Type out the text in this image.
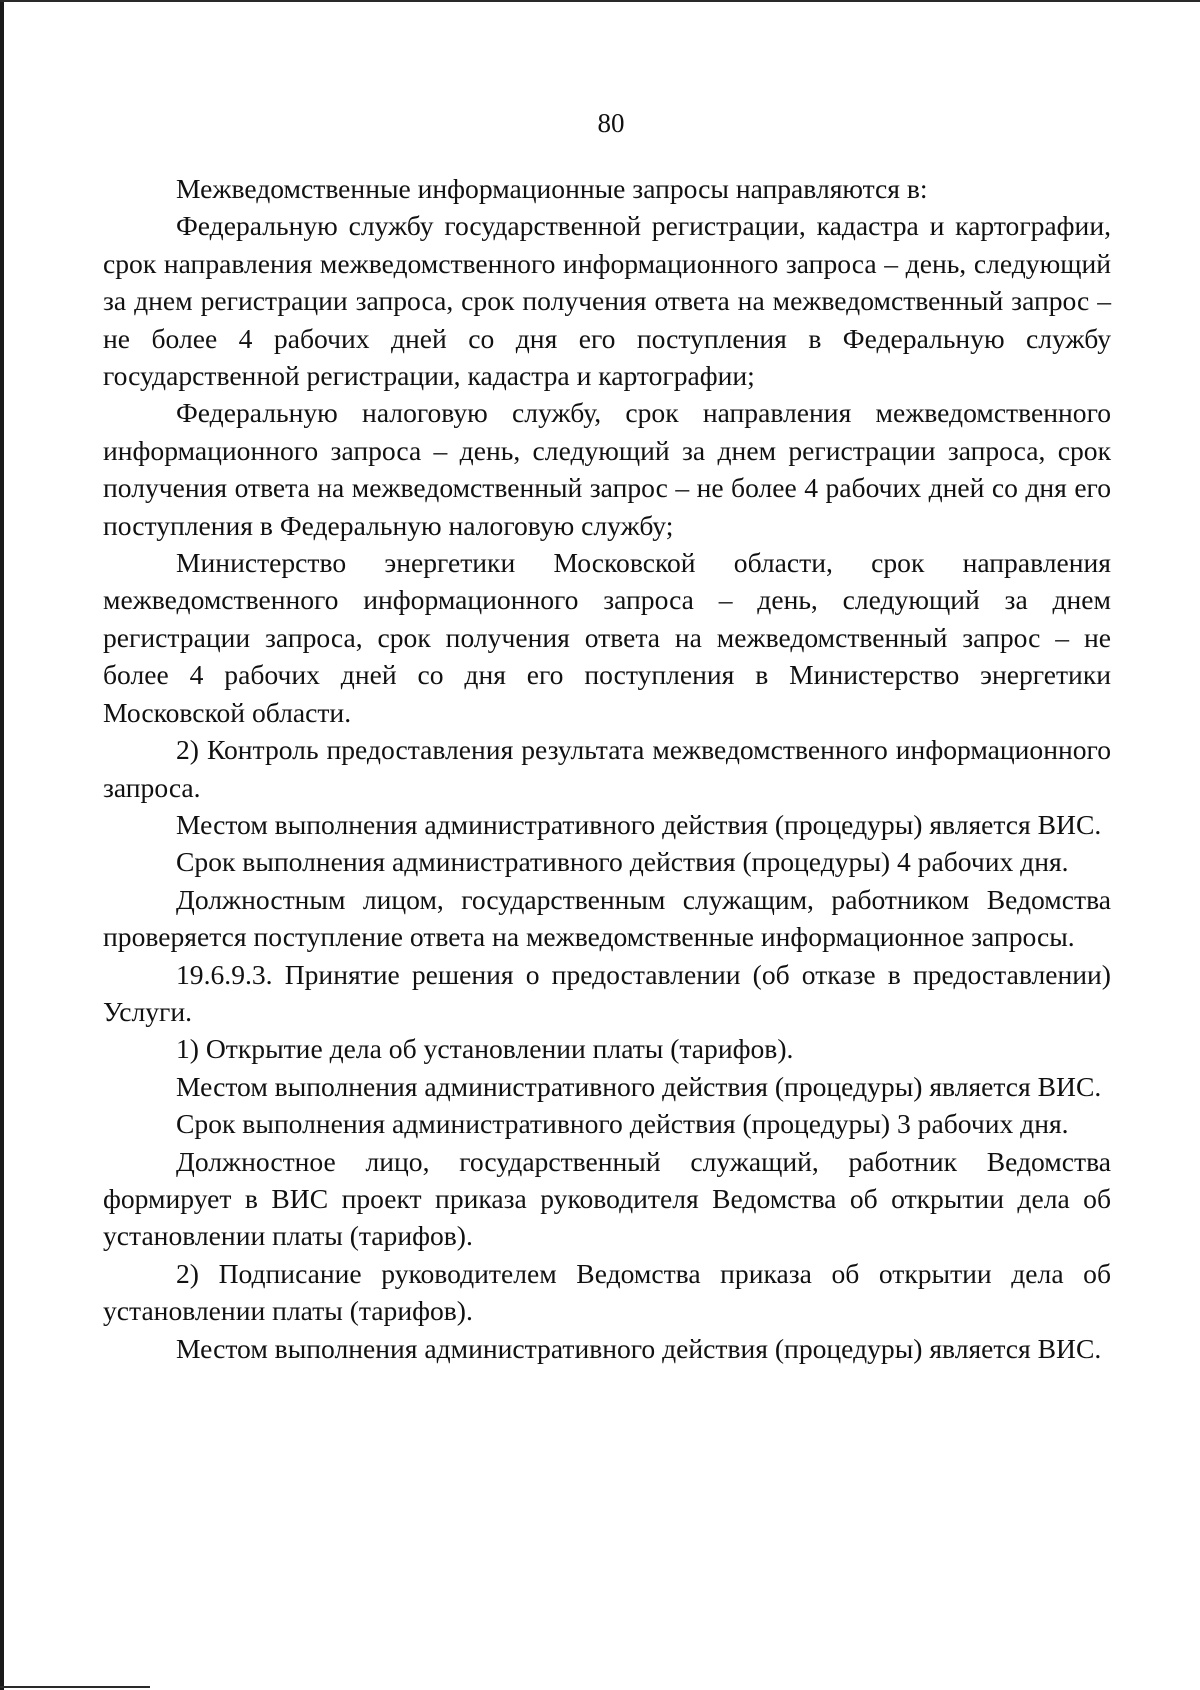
80

Межведомственные информационные запросы направляются в:

Федеральную службу государственной регистрации, кадастра и картографии, срок направления межведомственного информационного запроса – день, следующий за днем регистрации запроса, срок получения ответа на межведомственный запрос – не более 4 рабочих дней со дня его поступления в Федеральную службу государственной регистрации, кадастра и картографии;

Федеральную налоговую службу, срок направления межведомственного информационного запроса – день, следующий за днем регистрации запроса, срок получения ответа на межведомственный запрос – не более 4 рабочих дней со дня его поступления в Федеральную налоговую службу;

Министерство энергетики Московской области, срок направления межведомственного информационного запроса – день, следующий за днем регистрации запроса, срок получения ответа на межведомственный запрос – не более 4 рабочих дней со дня его поступления в Министерство энергетики Московской области.

2) Контроль предоставления результата межведомственного информационного запроса.

Местом выполнения административного действия (процедуры) является ВИС.

Срок выполнения административного действия (процедуры) 4 рабочих дня.

Должностным лицом, государственным служащим, работником Ведомства проверяется поступление ответа на межведомственные информационное запросы.

19.6.9.3. Принятие решения о предоставлении (об отказе в предоставлении) Услуги.

1) Открытие дела об установлении платы (тарифов).

Местом выполнения административного действия (процедуры) является ВИС.

Срок выполнения административного действия (процедуры) 3 рабочих дня.

Должностное лицо, государственный служащий, работник Ведомства формирует в ВИС проект приказа руководителя Ведомства об открытии дела об установлении платы (тарифов).

2) Подписание руководителем Ведомства приказа об открытии дела об установлении платы (тарифов).

Местом выполнения административного действия (процедуры) является ВИС.
